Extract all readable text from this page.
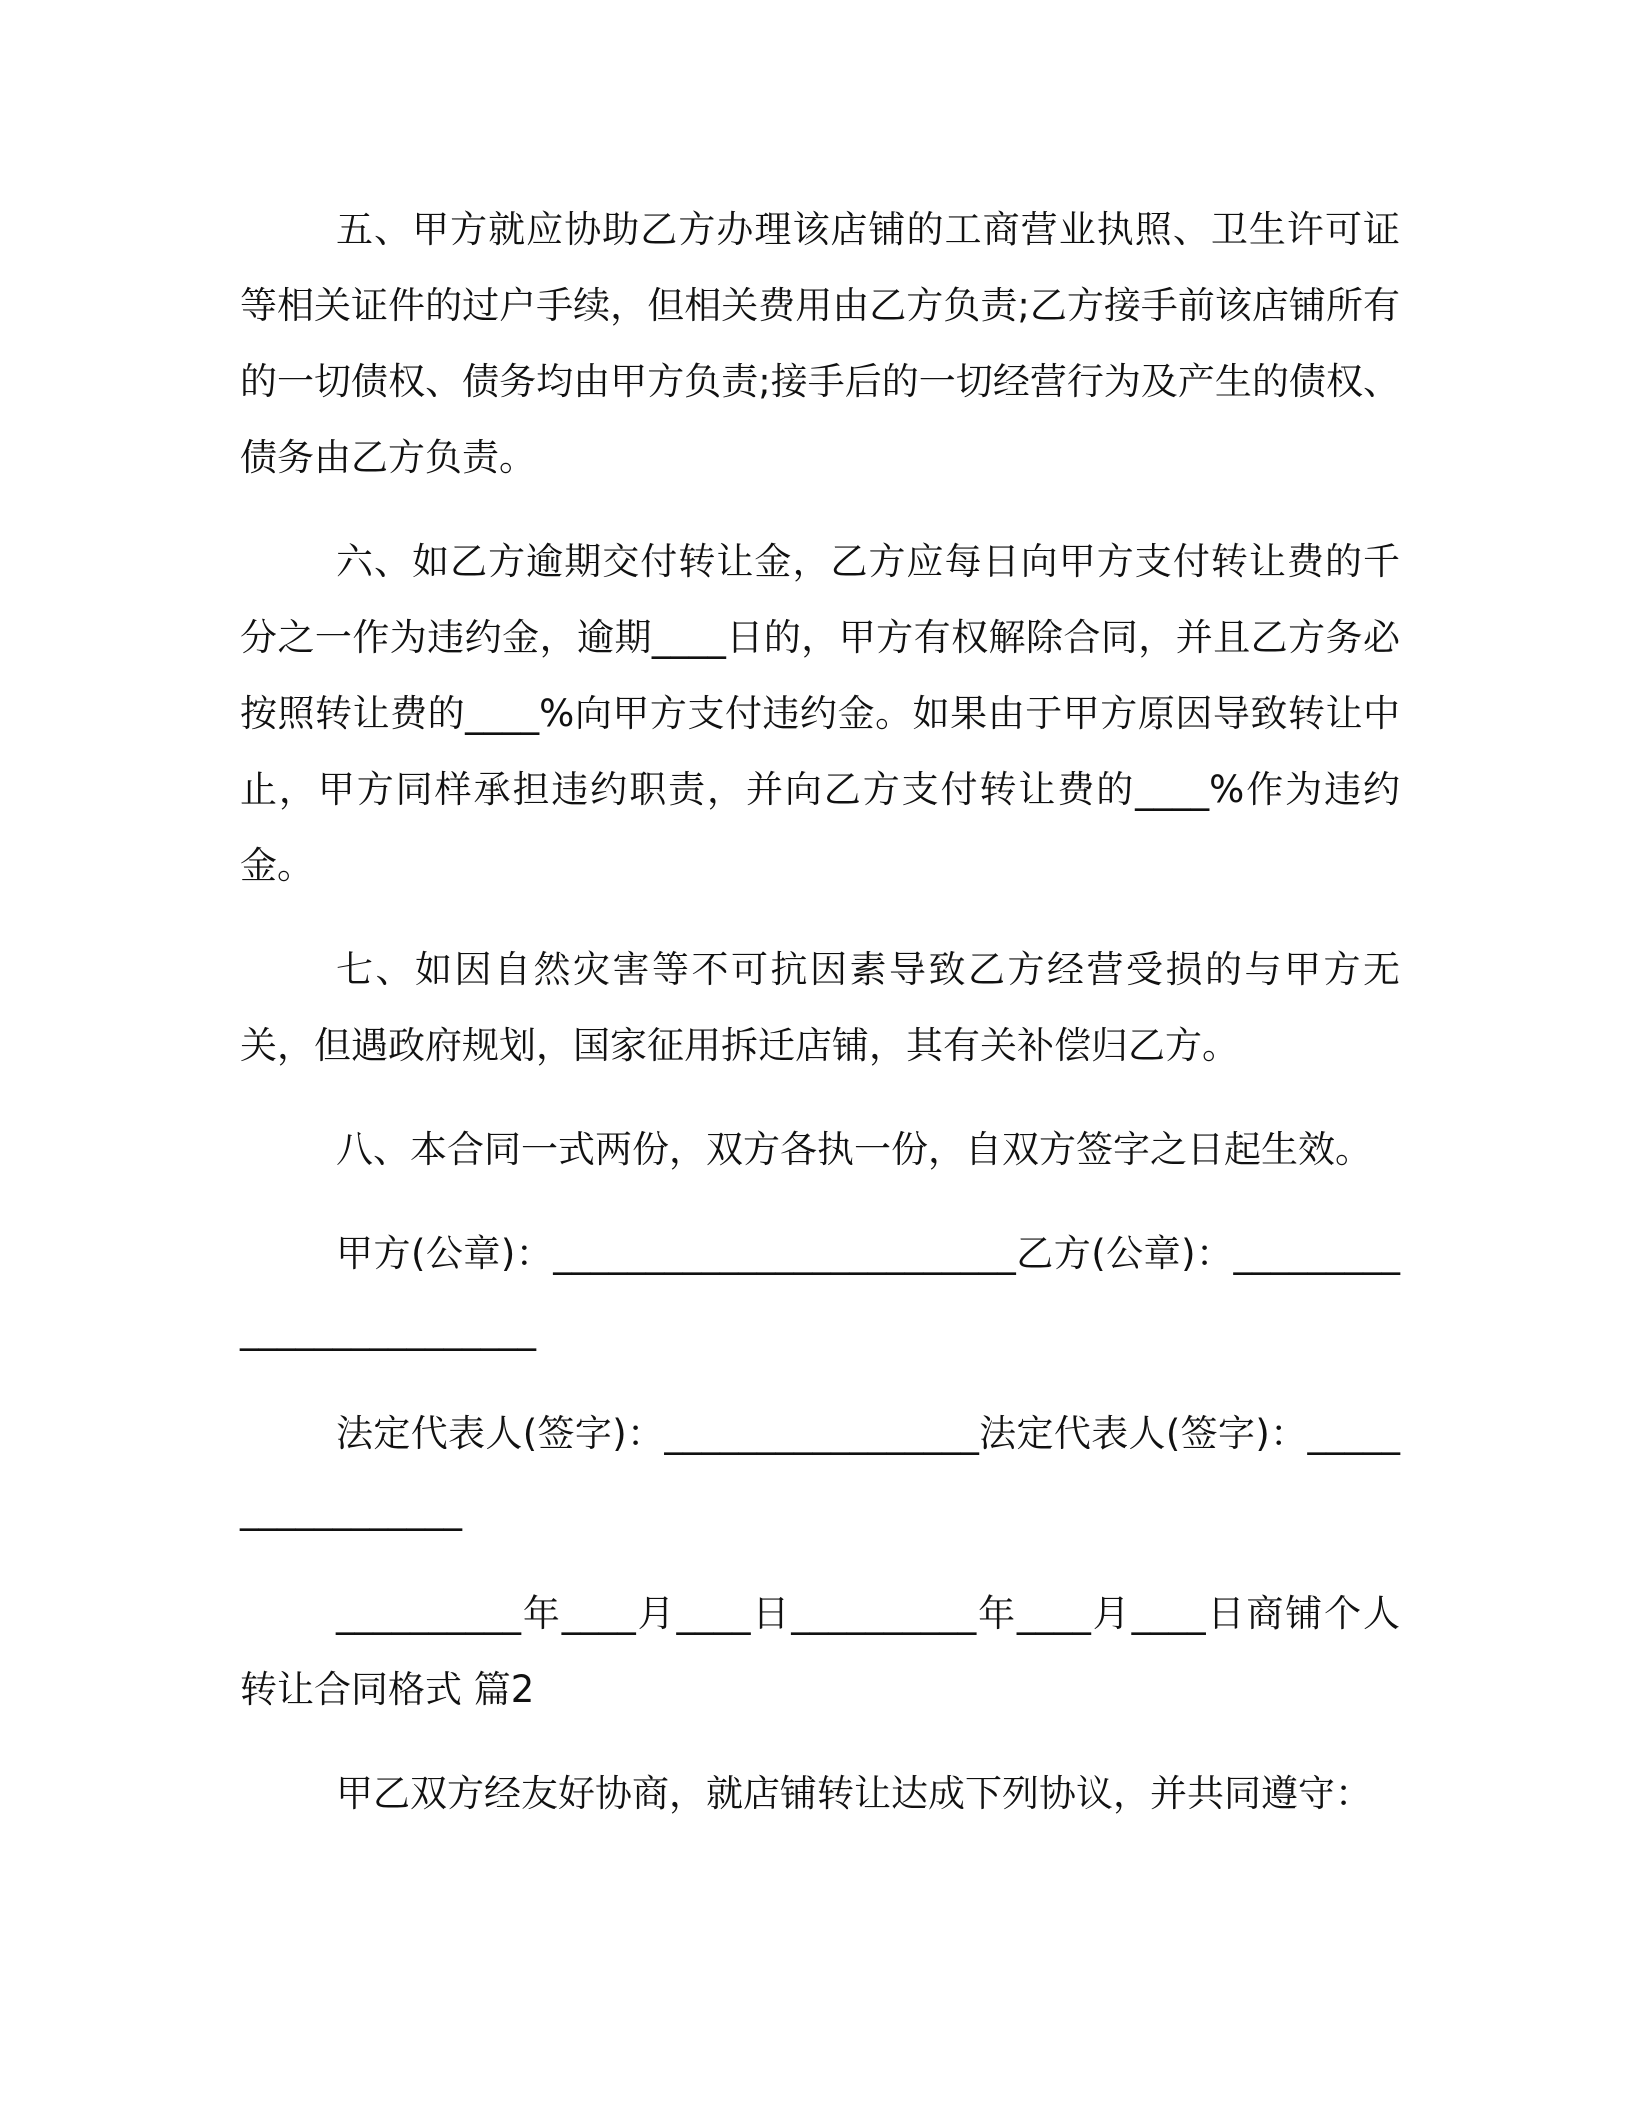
五、甲方就应协助乙方办理该店铺的工商营业执照、卫生许可证等相关证件的过户手续，但相关费用由乙方负责;乙方接手前该店铺所有的一切债权、债务均由甲方负责;接手后的一切经营行为及产生的债权、债务由乙方负责。

六、如乙方逾期交付转让金，乙方应每日向甲方支付转让费的千分之一作为违约金，逾期____日的，甲方有权解除合同，并且乙方务必按照转让费的____%向甲方支付违约金。如果由于甲方原因导致转让中止，甲方同样承担违约职责，并向乙方支付转让费的____%作为违约金。

七、如因自然灾害等不可抗因素导致乙方经营受损的与甲方无关，但遇政府规划，国家征用拆迁店铺，其有关补偿归乙方。

八、本合同一式两份，双方各执一份，自双方签字之日起生效。

甲方(公章)：_________________________乙方(公章)：_________________________

法定代表人(签字)：_________________法定代表人(签字)：_________________

__________年____月____日__________年____月____日商铺个人转让合同格式 篇2

甲乙双方经友好协商，就店铺转让达成下列协议，并共同遵守：
